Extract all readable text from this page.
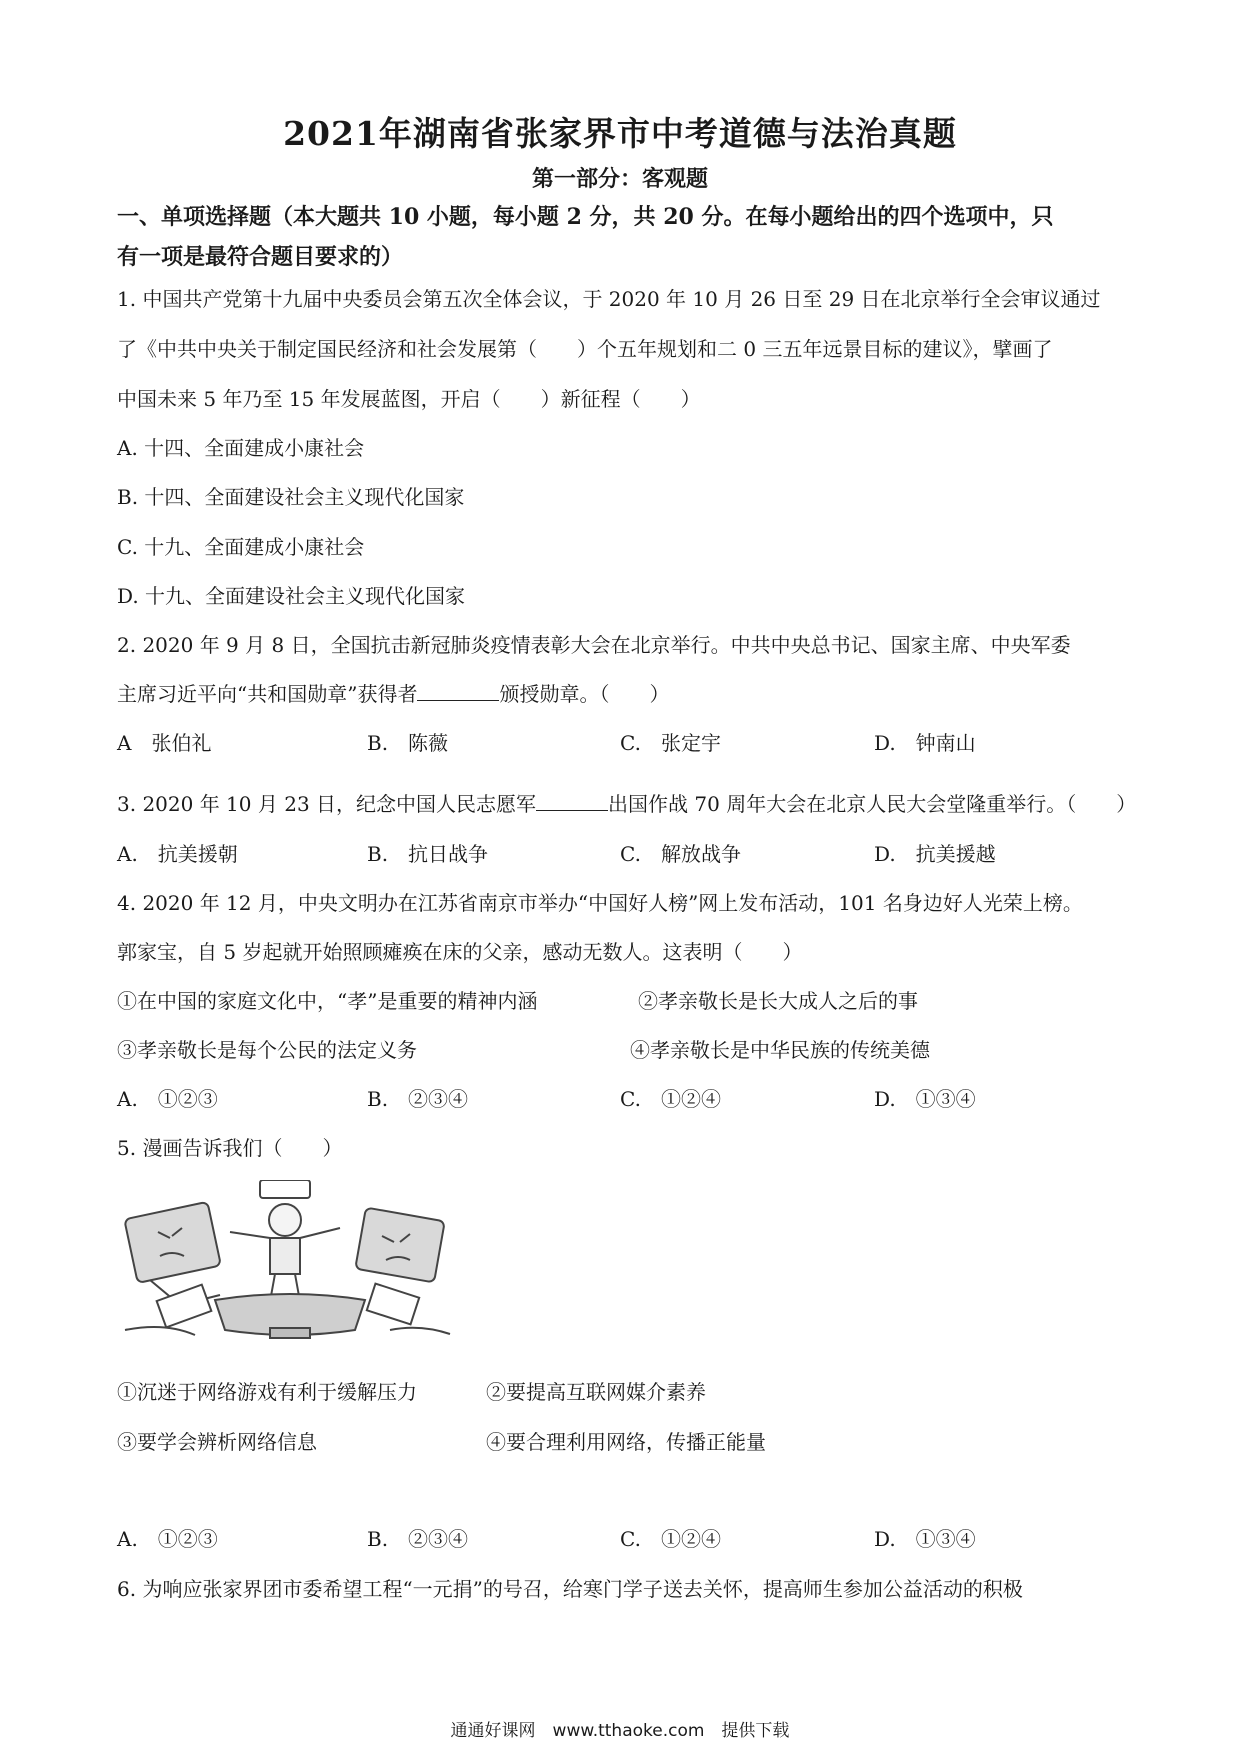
2021年湖南省张家界市中考道德与法治真题
第一部分：客观题
一、单项选择题（本大题共 10 小题，每小题 2 分，共 20 分。在每小题给出的四个选项中，只
有一项是最符合题目要求的）
1. 中国共产党第十九届中央委员会第五次全体会议，于 2020 年 10 月 26 日至 29 日在北京举行全会审议通过
了《中共中央关于制定国民经济和社会发展第（　　）个五年规划和二 0 三五年远景目标的建议》，擘画了
中国未来 5 年乃至 15 年发展蓝图，开启（　　）新征程（　　）
A. 十四、全面建成小康社会
B. 十四、全面建设社会主义现代化国家
C. 十九、全面建成小康社会
D. 十九、全面建设社会主义现代化国家
2. 2020 年 9 月 8 日，全国抗击新冠肺炎疫情表彰大会在北京举行。中共中央总书记、国家主席、中央军委
主席习近平向“共和国勋章”获得者	颁授勋章。（　　）
A　张伯礼	B.　陈薇	C.　张定宇	D.　钟南山
3. 2020 年 10 月 23 日，纪念中国人民志愿军	出国作战 70 周年大会在北京人民大会堂隆重举行。（　　）
A.　抗美援朝	B.　抗日战争	C.　解放战争	D.　抗美援越
4. 2020 年 12 月，中央文明办在江苏省南京市举办“中国好人榜”网上发布活动，101 名身边好人光荣上榜。
郭家宝，自 5 岁起就开始照顾瘫痪在床的父亲，感动无数人。这表明（　　）
①在中国的家庭文化中，“孝”是重要的精神内涵	②孝亲敬长是长大成人之后的事
③孝亲敬长是每个公民的法定义务	④孝亲敬长是中华民族的传统美德
A.　①②③	B.　②③④	C.　①②④	D.　①③④
5. 漫画告诉我们（　　）
①沉迷于网络游戏有利于缓解压力	②要提高互联网媒介素养
③要学会辨析网络信息	④要合理利用网络，传播正能量
A.　①②③	B.　②③④	C.　①②④	D.　①③④
6. 为响应张家界团市委希望工程“一元捐”的号召，给寒门学子送去关怀，提高师生参加公益活动的积极
通通好课网　www.tthaoke.com　提供下载
